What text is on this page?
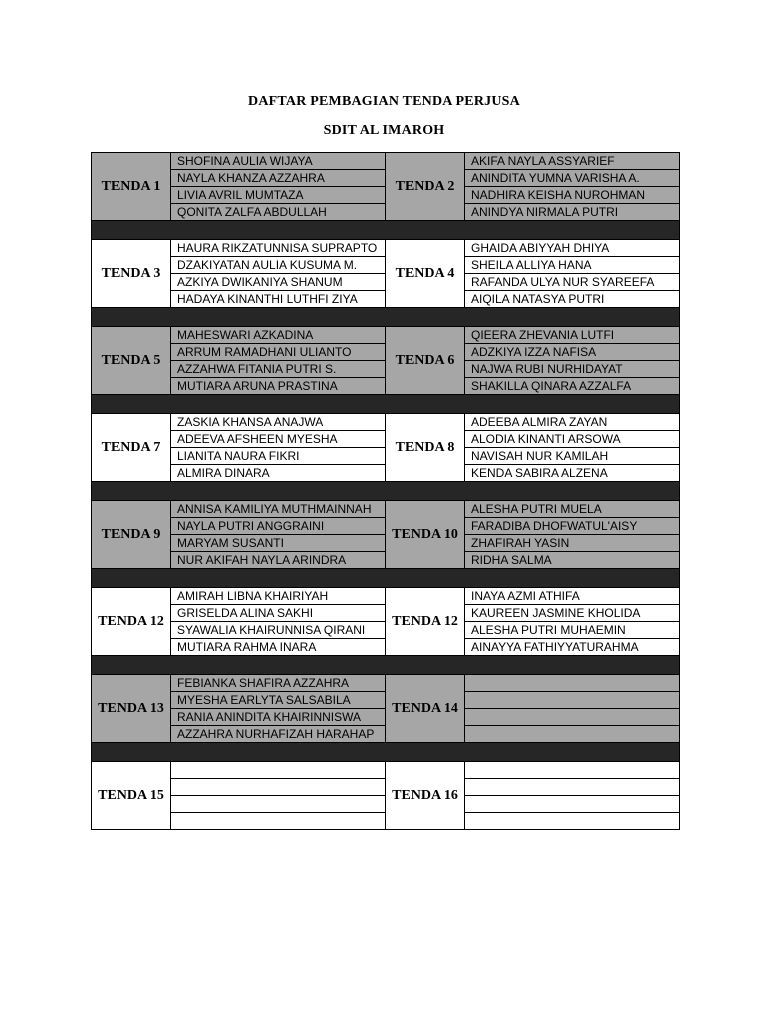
DAFTAR PEMBAGIAN TENDA PERJUSA
SDIT AL IMAROH
TENDA 1	SHOFINA AULIA WIJAYA	TENDA 2	AKIFA NAYLA ASSYARIEF
	NAYLA KHANZA AZZAHRA		ANINDITA YUMNA VARISHA A.
	LIVIA AVRIL MUMTAZA		NADHIRA KEISHA NUROHMAN
	QONITA ZALFA ABDULLAH		ANINDYA NIRMALA PUTRI

TENDA 3	HAURA RIKZATUNNISA SUPRAPTO	TENDA 4	GHAIDA ABIYYAH DHIYA
	DZAKIYATAN AULIA KUSUMA M.		SHEILA ALLIYA HANA
	AZKIYA DWIKANIYA SHANUM		RAFANDA ULYA NUR SYAREEFA
	HADAYA KINANTHI LUTHFI ZIYA		AIQILA NATASYA PUTRI

TENDA 5	MAHESWARI AZKADINA	TENDA 6	QIEERA ZHEVANIA LUTFI
	ARRUM RAMADHANI ULIANTO		ADZKIYA IZZA NAFISA
	AZZAHWA FITANIA PUTRI S.		NAJWA RUBI NURHIDAYAT
	MUTIARA ARUNA PRASTINA		SHAKILLA QINARA AZZALFA

TENDA 7	ZASKIA KHANSA ANAJWA	TENDA 8	ADEEBA ALMIRA ZAYAN
	ADEEVA AFSHEEN MYESHA		ALODIA KINANTI ARSOWA
	LIANITA NAURA FIKRI		NAVISAH NUR KAMILAH
	ALMIRA DINARA		KENDA SABIRA ALZENA

TENDA 9	ANNISA KAMILIYA MUTHMAINNAH	TENDA 10	ALESHA PUTRI MUELA
	NAYLA PUTRI ANGGRAINI		FARADIBA DHOFWATUL'AISY
	MARYAM SUSANTI		ZHAFIRAH YASIN
	NUR AKIFAH NAYLA ARINDRA		RIDHA SALMA

TENDA 12	AMIRAH LIBNA KHAIRIYAH	TENDA 12	INAYA AZMI ATHIFA
	GRISELDA ALINA SAKHI		KAUREEN JASMINE KHOLIDA
	SYAWALIA KHAIRUNNISA QIRANI		ALESHA PUTRI MUHAEMIN
	MUTIARA RAHMA INARA		AINAYYA FATHIYYATURAHMA

TENDA 13	FEBIANKA SHAFIRA AZZAHRA	TENDA 14	
	MYESHA EARLYTA SALSABILA		
	RANIA ANINDITA KHAIRINNISWA		
	AZZAHRA NURHAFIZAH HARAHAP		

TENDA 15		TENDA 16	
